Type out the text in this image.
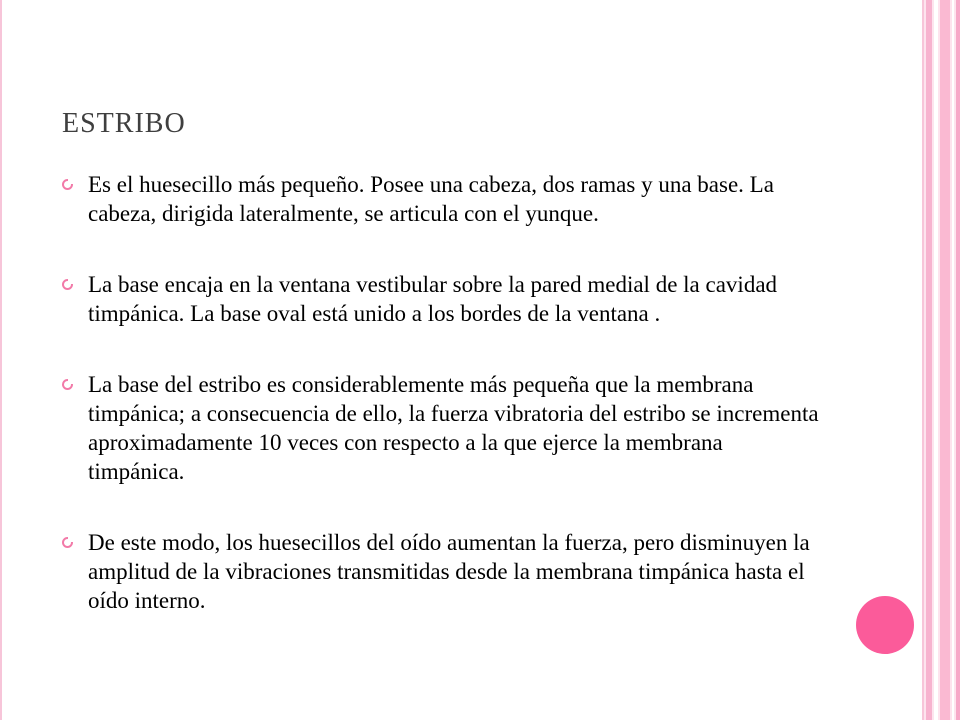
ESTRIBO
Es el huesecillo más pequeño. Posee una cabeza, dos ramas y una base. La cabeza, dirigida lateralmente, se articula con el yunque.
La base encaja en la ventana vestibular sobre la pared medial de la cavidad timpánica. La base oval está unido a los bordes de la ventana .
La base del estribo es considerablemente más pequeña que la membrana timpánica; a consecuencia de ello, la fuerza vibratoria del estribo se incrementa aproximadamente 10 veces con respecto a la que ejerce la membrana timpánica.
De este modo, los huesecillos del oído aumentan la fuerza, pero disminuyen la amplitud de la vibraciones transmitidas desde la membrana timpánica hasta el oído interno.
